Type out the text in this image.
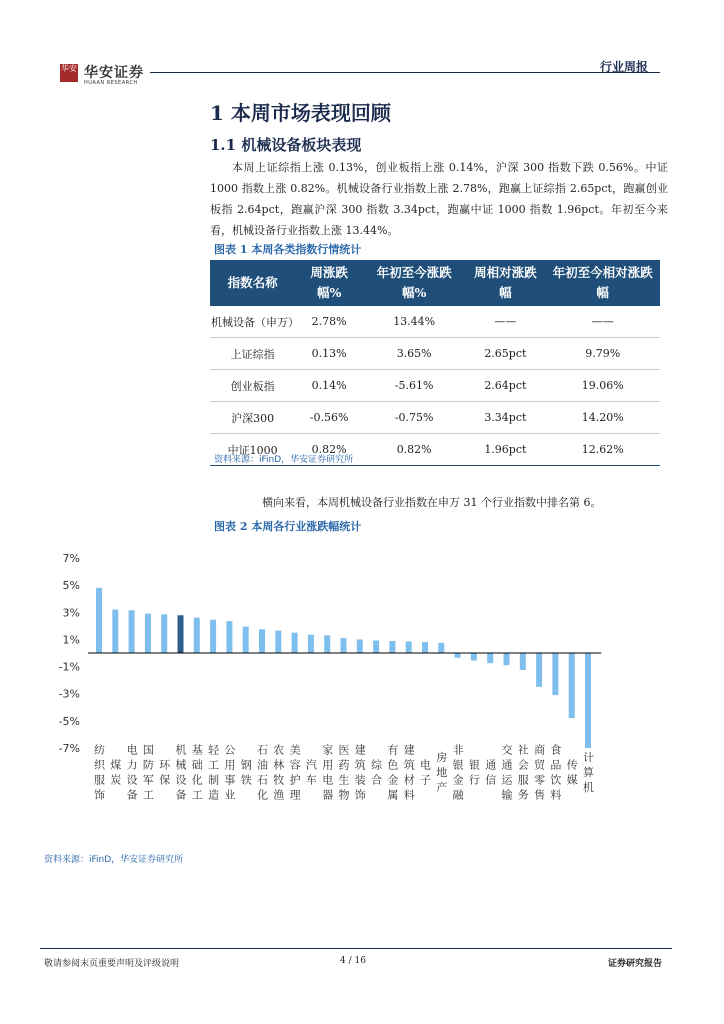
华安 华安证券
HUAAN RESEARCH
行业周报
1 本周市场表现回顾
1.1 机械设备板块表现
本周上证综指上涨 0.13%，创业板指上涨 0.14%，沪深 300 指数下跌 0.56%。中证 1000 指数上涨 0.82%。机械设备行业指数上涨 2.78%，跑赢上证综指 2.65pct，跑赢创业板指 2.64pct，跑赢沪深 300 指数 3.34pct，跑赢中证 1000 指数 1.96pct。年初至今来看，机械设备行业指数上涨 13.44%。
图表 1 本周各类指数行情统计
指数名称	周涨跌幅%	年初至今涨跌幅%	周相对涨跌幅	年初至今相对涨跌幅
机械设备（申万）	2.78%	13.44%	——	——
上证综指	0.13%	3.65%	2.65pct	9.79%
创业板指	0.14%	-5.61%	2.64pct	19.06%
沪深300	-0.56%	-0.75%	3.34pct	14.20%
中证1000	0.82%	0.82%	1.96pct	12.62%
资料来源：iFinD，华安证券研究所
横向来看，本周机械设备行业指数在申万 31 个行业指数中排名第 6。
图表 2 本周各行业涨跌幅统计
7%
5%
3%
1%
-1%
-3%
-5%
-7% 纺织服饰 煤炭 电力设备 国防军工 环保 机械设备 基础化工 轻工制造 公用事业 钢铁 石油石化 农林牧渔 美容护理 汽车 家用电器 医药生物 建筑装饰 综合 有色金属 建筑材料 电子 房地产 非银金融 银行 通信 交通运输 社会服务 商贸零售 食品饮料 传媒 计算机
资料来源：iFinD，华安证券研究所
敬请参阅末页重要声明及评级说明	4 / 16	证券研究报告
